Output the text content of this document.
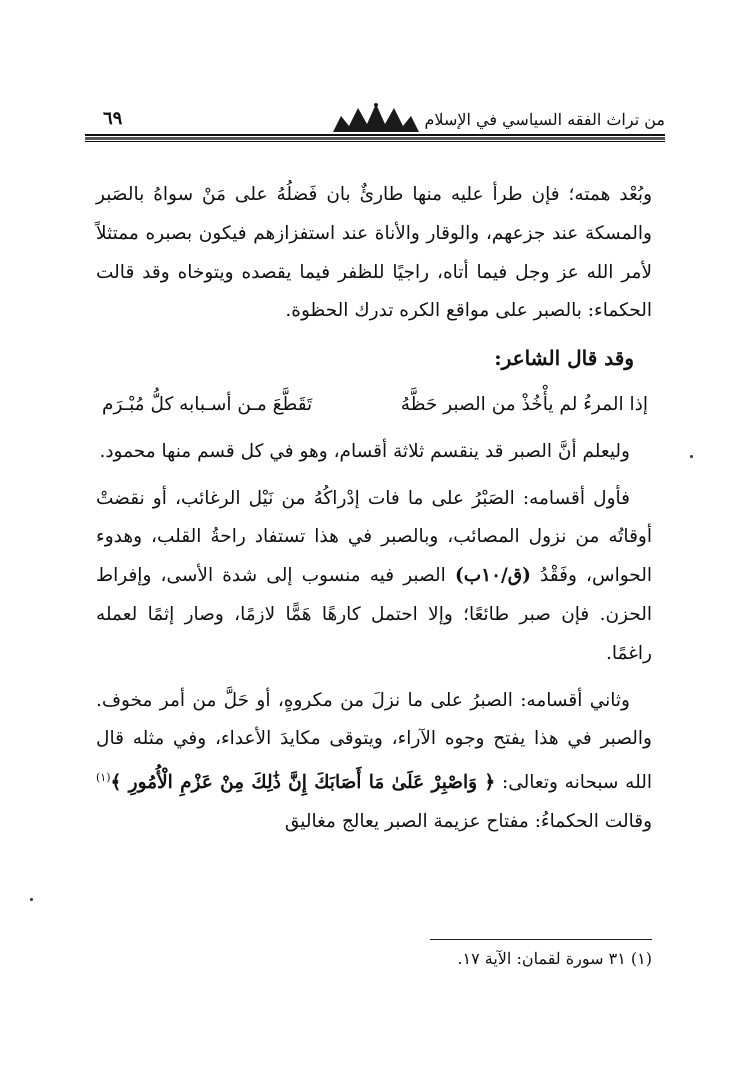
من تراث الفقه السياسي في الإسلام
٦٩

وبُعْد همته؛ فإن طرأ عليه منها طارئٌ بان فَضلُهُ على مَنْ سواهُ بالصَبر والمسكة عند جزعهم، والوقار والأناة عند استفزازهم فيكون بصبره ممتثلاً لأمر الله عز وجل فيما أتاه، راجيًا للظفر فيما يقصده ويتوخاه وقد قالت الحكماء: بالصبر على مواقع الكره تدرك الحظوة.

وقد قال الشاعر:

إذا المرءُ لم يأْخُذْ من الصبر حَظَّهُ
تَقَطَّعَ مـن أسـبابه كلُّ مُبْـرَم

وليعلم أنَّ الصبر قد ينقسم ثلاثة أقسام، وهو في كل قسم منها محمود.

فأول أقسامه: الصَبْرُ على ما فات إدْراكُهُ من نَيْل الرغائب، أو نقضتْ أوقاتُه من نزول المصائب، وبالصبر في هذا تستفاد راحةُ القلب، وهدوء الحواس، وفَقْدُ (ق/١٠ب) الصبر فيه منسوب إلى شدة الأسى، وإفراط الحزن. فإن صبر طائعًا؛ وإلا احتمل كارهًا هَمًّا لازمًا، وصار إثمًا لعمله راغمًا.

وثاني أقسامه: الصبرُ على ما نزلَ من مكروهٍ، أو حَلَّ من أمر مخوف. والصبر في هذا يفتح وجوه الآراء، ويتوقى مكايدَ الأعداء، وفي مثله قال الله سبحانه وتعالى: ﴿ وَاصْبِرْ عَلَىٰ مَا أَصَابَكَ إِنَّ ذَٰلِكَ مِنْ عَزْمِ الْأُمُورِ ﴾$^{(١)}$ وقالت الحكماءُ: مفتاح عزيمة الصبر يعالج مغاليق

(١) ٣١ سورة لقمان: الآية ١٧.
